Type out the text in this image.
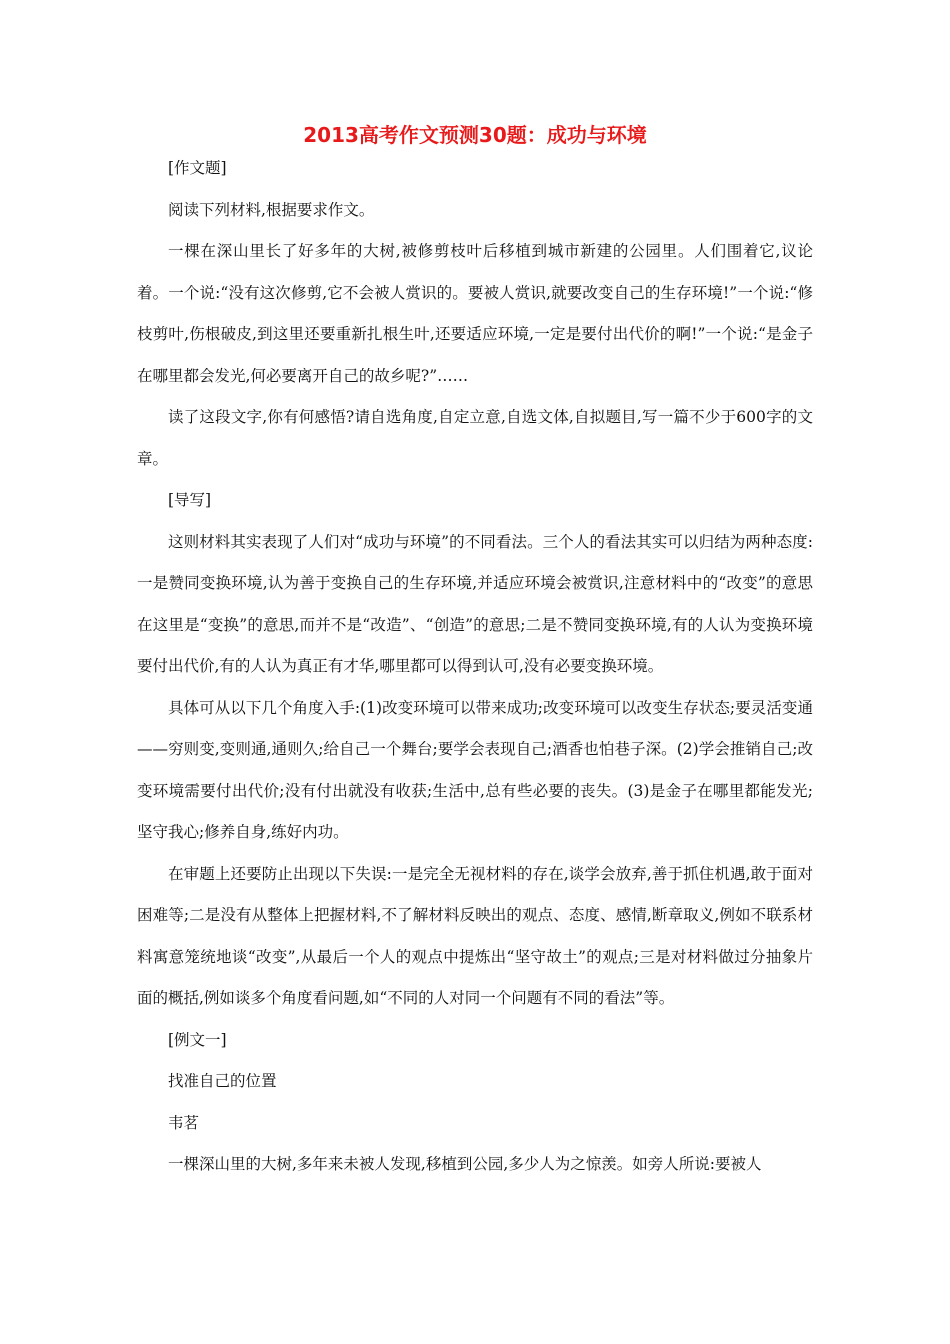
2013高考作文预测30题：成功与环境

[作文题]

阅读下列材料,根据要求作文。

一棵在深山里长了好多年的大树,被修剪枝叶后移植到城市新建的公园里。人们围着它,议论着。一个说:“没有这次修剪,它不会被人赏识的。要被人赏识,就要改变自己的生存环境!”一个说:“修枝剪叶,伤根破皮,到这里还要重新扎根生叶,还要适应环境,一定是要付出代价的啊!”一个说:“是金子在哪里都会发光,何必要离开自己的故乡呢?”……

读了这段文字,你有何感悟?请自选角度,自定立意,自选文体,自拟题目,写一篇不少于600字的文章。

[导写]

这则材料其实表现了人们对“成功与环境”的不同看法。三个人的看法其实可以归结为两种态度:一是赞同变换环境,认为善于变换自己的生存环境,并适应环境会被赏识,注意材料中的“改变”的意思在这里是“变换”的意思,而并不是“改造”、“创造”的意思;二是不赞同变换环境,有的人认为变换环境要付出代价,有的人认为真正有才华,哪里都可以得到认可,没有必要变换环境。

具体可从以下几个角度入手:(1)改变环境可以带来成功;改变环境可以改变生存状态;要灵活变通——穷则变,变则通,通则久;给自己一个舞台;要学会表现自己;酒香也怕巷子深。(2)学会推销自己;改变环境需要付出代价;没有付出就没有收获;生活中,总有些必要的丧失。(3)是金子在哪里都能发光;坚守我心;修养自身,练好内功。

在审题上还要防止出现以下失误:一是完全无视材料的存在,谈学会放弃,善于抓住机遇,敢于面对困难等;二是没有从整体上把握材料,不了解材料反映出的观点、态度、感情,断章取义,例如不联系材料寓意笼统地谈“改变”,从最后一个人的观点中提炼出“坚守故土”的观点;三是对材料做过分抽象片面的概括,例如谈多个角度看问题,如“不同的人对同一个问题有不同的看法”等。

[例文一]

找准自己的位置

韦茗

一棵深山里的大树,多年来未被人发现,移植到公园,多少人为之惊羡。如旁人所说:要被人
